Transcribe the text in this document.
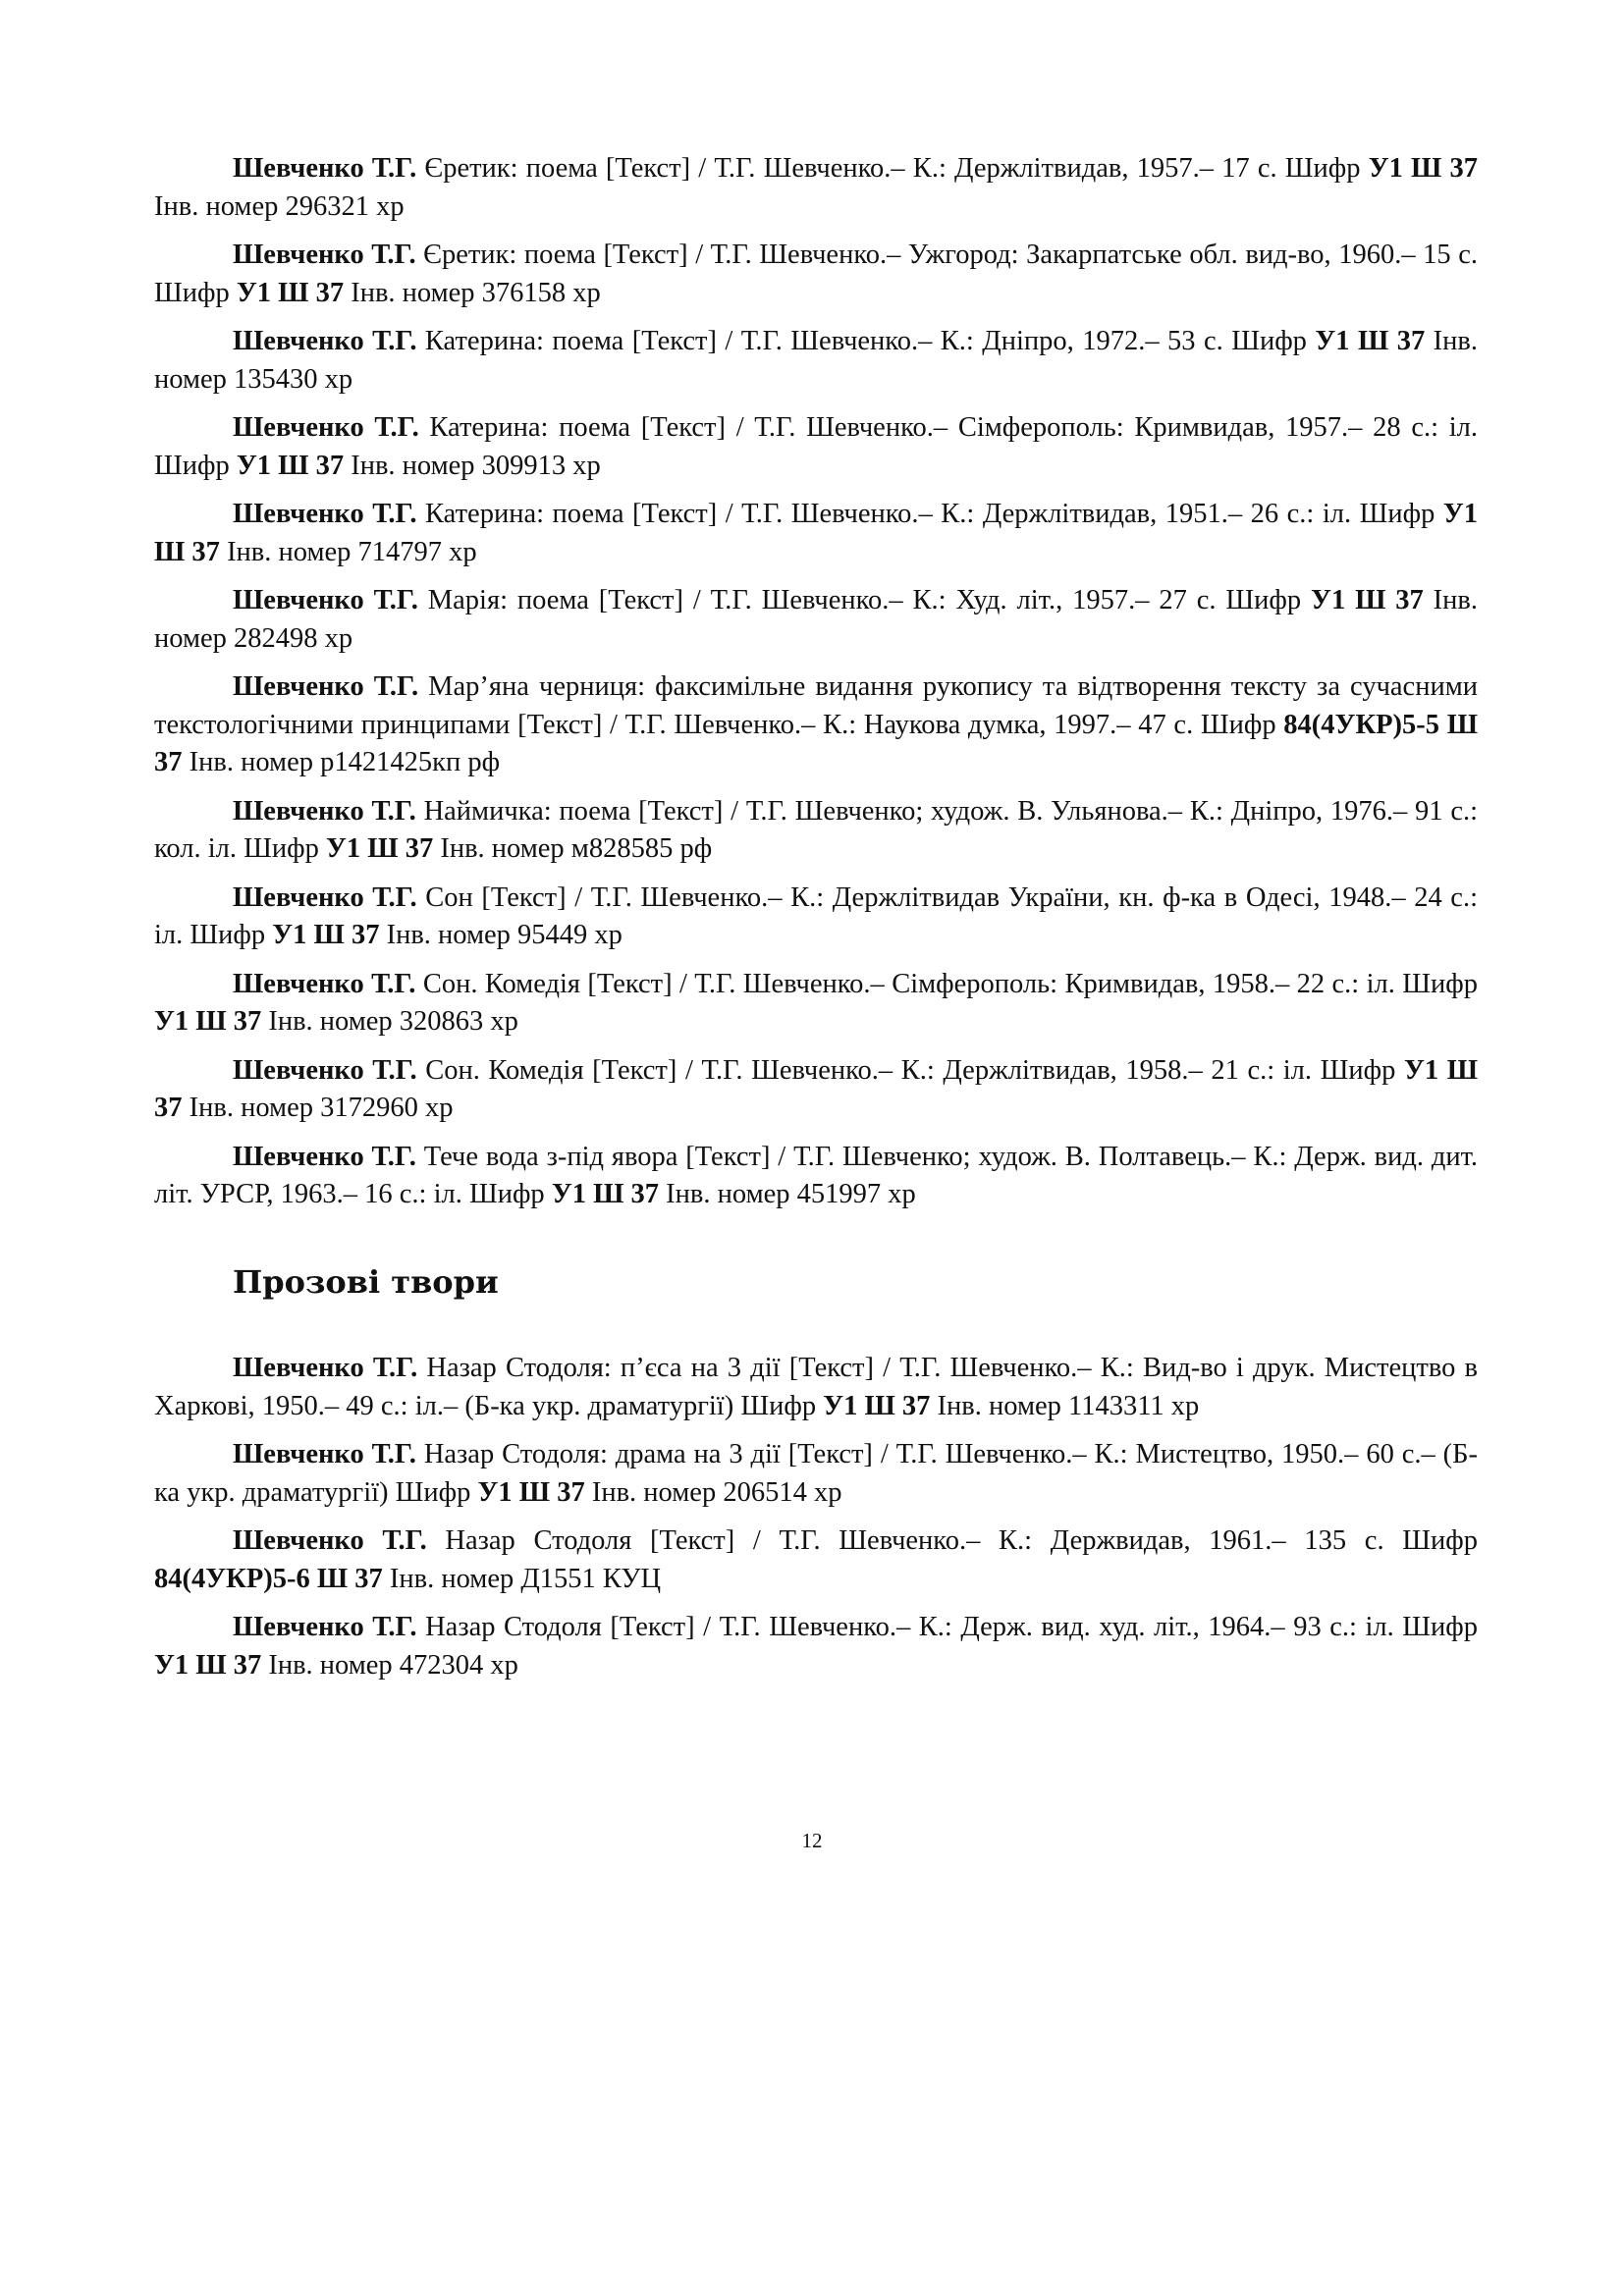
Шевченко Т.Г. Єретик: поема [Текст] / Т.Г. Шевченко.– К.: Держлітвидав, 1957.– 17 с. Шифр У1 Ш 37 Інв. номер 296321 хр

Шевченко Т.Г. Єретик: поема [Текст] / Т.Г. Шевченко.– Ужгород: Закарпатське обл. вид-во, 1960.– 15 с. Шифр У1 Ш 37 Інв. номер 376158 хр

Шевченко Т.Г. Катерина: поема [Текст] / Т.Г. Шевченко.– К.: Дніпро, 1972.– 53 с. Шифр У1 Ш 37 Інв. номер 135430 хр

Шевченко Т.Г. Катерина: поема [Текст] / Т.Г. Шевченко.– Сімферополь: Кримвидав, 1957.– 28 с.: іл. Шифр У1 Ш 37 Інв. номер 309913 хр

Шевченко Т.Г. Катерина: поема [Текст] / Т.Г. Шевченко.– К.: Держлітвидав, 1951.– 26 с.: іл. Шифр У1 Ш 37 Інв. номер 714797 хр

Шевченко Т.Г. Марія: поема [Текст] / Т.Г. Шевченко.– К.: Худ. літ., 1957.– 27 с. Шифр У1 Ш 37 Інв. номер 282498 хр

Шевченко Т.Г. Мар’яна черниця: факсимільне видання рукопису та відтворення тексту за сучасними текстологічними принципами [Текст] / Т.Г. Шевченко.– К.: Наукова думка, 1997.– 47 с. Шифр 84(4УКР)5-5 Ш 37 Інв. номер р1421425кп рф

Шевченко Т.Г. Наймичка: поема [Текст] / Т.Г. Шевченко; худож. В. Ульянова.– К.: Дніпро, 1976.– 91 с.: кол. іл. Шифр У1 Ш 37 Інв. номер м828585 рф

Шевченко Т.Г. Сон [Текст] / Т.Г. Шевченко.– К.: Держлітвидав України, кн. ф-ка в Одесі, 1948.– 24 с.: іл. Шифр У1 Ш 37 Інв. номер 95449 хр

Шевченко Т.Г. Сон. Комедія [Текст] / Т.Г. Шевченко.– Сімферополь: Кримвидав, 1958.– 22 с.: іл. Шифр У1 Ш 37 Інв. номер 320863 хр

Шевченко Т.Г. Сон. Комедія [Текст] / Т.Г. Шевченко.– К.: Держлітвидав, 1958.– 21 с.: іл. Шифр У1 Ш 37 Інв. номер 3172960 хр

Шевченко Т.Г. Тече вода з-під явора [Текст] / Т.Г. Шевченко; худож. В. Полтавець.– К.: Держ. вид. дит. літ. УРСР, 1963.– 16 с.: іл. Шифр У1 Ш 37 Інв. номер 451997 хр

Прозові твори

Шевченко Т.Г. Назар Стодоля: п’єса на 3 дії [Текст] / Т.Г. Шевченко.– К.: Вид-во і друк. Мистецтво в Харкові, 1950.– 49 с.: іл.– (Б-ка укр. драматургії) Шифр У1 Ш 37 Інв. номер 1143311 хр

Шевченко Т.Г. Назар Стодоля: драма на 3 дії [Текст] / Т.Г. Шевченко.– К.: Мистецтво, 1950.– 60 с.– (Б-ка укр. драматургії) Шифр У1 Ш 37 Інв. номер 206514 хр

Шевченко Т.Г. Назар Стодоля [Текст] / Т.Г. Шевченко.– К.: Держвидав, 1961.– 135 с. Шифр 84(4УКР)5-6 Ш 37 Інв. номер Д1551 КУЦ

Шевченко Т.Г. Назар Стодоля [Текст] / Т.Г. Шевченко.– К.: Держ. вид. худ. літ., 1964.– 93 с.: іл. Шифр У1 Ш 37 Інв. номер 472304 хр

12
